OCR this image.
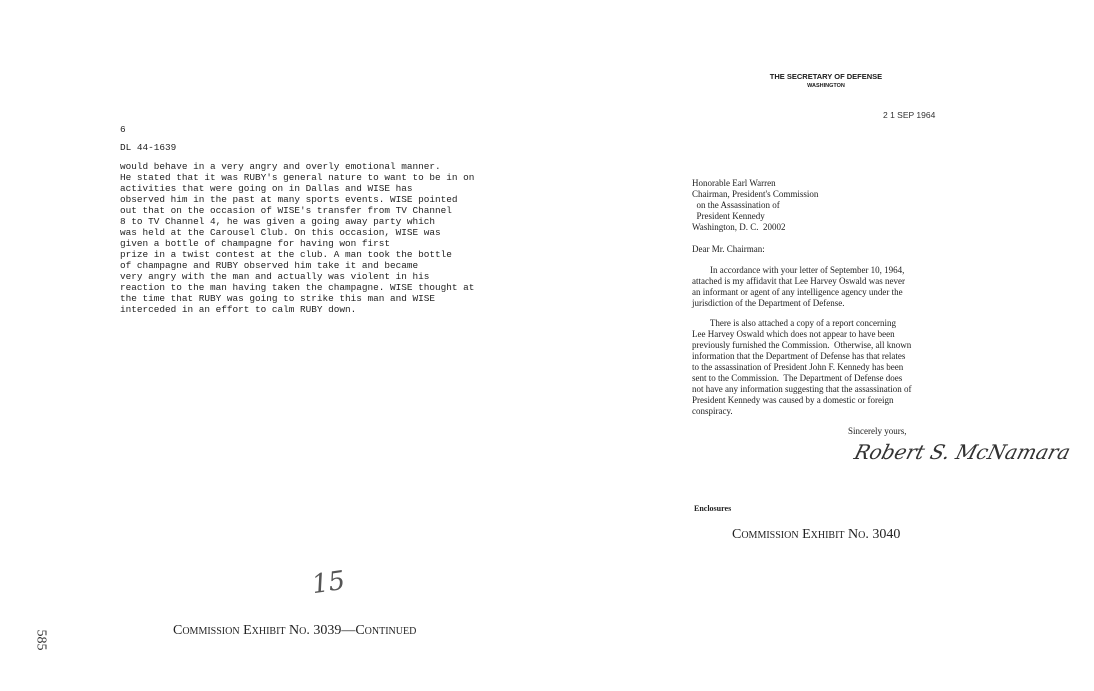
6
DL 44-1639
would behave in a very angry and overly emotional manner.
He stated that it was RUBY's general nature to want to be in on
activities that were going on in Dallas and WISE has
observed him in the past at many sports events. WISE pointed
out that on the occasion of WISE's transfer from TV Channel
8 to TV Channel 4, he was given a going away party which
was held at the Carousel Club. On this occasion, WISE was
given a bottle of champagne for having won first
prize in a twist contest at the club. A man took the bottle
of champagne and RUBY observed him take it and became
very angry with the man and actually was violent in his
reaction to the man having taken the champagne. WISE thought at
the time that RUBY was going to strike this man and WISE
interceded in an effort to calm RUBY down.
15
Commission Exhibit No. 3039—Continued
585
THE SECRETARY OF DEFENSE
WASHINGTON
2 1 SEP 1964
Honorable Earl Warren
Chairman, President's Commission
on the Assassination of
President Kennedy
Washington, D. C.  20002
Dear Mr. Chairman:
In accordance with your letter of September 10, 1964,
attached is my affidavit that Lee Harvey Oswald was never
an informant or agent of any intelligence agency under the
jurisdiction of the Department of Defense.
There is also attached a copy of a report concerning
Lee Harvey Oswald which does not appear to have been
previously furnished the Commission.  Otherwise, all known
information that the Department of Defense has that relates
to the assassination of President John F. Kennedy has been
sent to the Commission.  The Department of Defense does
not have any information suggesting that the assassination of
President Kennedy was caused by a domestic or foreign
conspiracy.
Sincerely yours,
Robert S. McNamara
Enclosures
Commission Exhibit No. 3040
